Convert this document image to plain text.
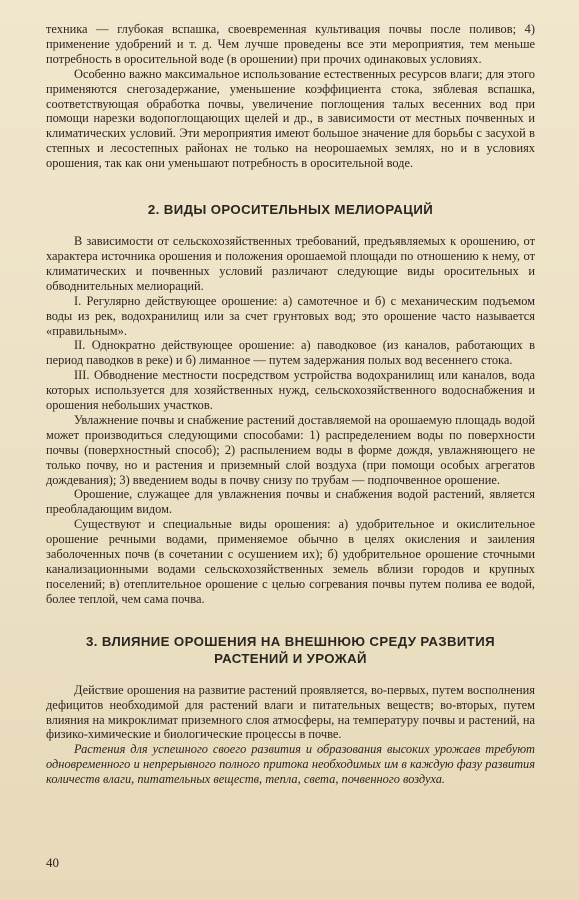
техника — глубокая вспашка, своевременная культивация почвы после поливов; 4) применение удобрений и т. д. Чем лучше проведены все эти мероприятия, тем меньше потребность в оросительной воде (в орошении) при прочих одинаковых условиях.

Особенно важно максимальное использование естественных ресурсов влаги; для этого применяются снегозадержание, уменьшение коэффициента стока, зяблевая вспашка, соответствующая обработка почвы, увеличение поглощения талых весенних вод при помощи нарезки водопоглощающих щелей и др., в зависимости от местных почвенных и климатических условий. Эти мероприятия имеют большое значение для борьбы с засухой в степных и лесостепных районах не только на неорошаемых землях, но и в условиях орошения, так как они уменьшают потребность в оросительной воде.

2. ВИДЫ ОРОСИТЕЛЬНЫХ МЕЛИОРАЦИЙ

В зависимости от сельскохозяйственных требований, предъявляемых к орошению, от характера источника орошения и положения орошаемой площади по отношению к нему, от климатических и почвенных условий различают следующие виды оросительных и обводнительных мелиораций.

I. Регулярно действующее орошение: а) самотечное и б) с механическим подъемом воды из рек, водохранилищ или за счет грунтовых вод; это орошение часто называется «правильным».

II. Однократно действующее орошение: а) паводковое (из каналов, работающих в период паводков в реке) и б) лиманное — путем задержания полых вод весеннего стока.

III. Обводнение местности посредством устройства водохранилищ или каналов, вода которых используется для хозяйственных нужд, сельскохозяйственного водоснабжения и орошения небольших участков.

Увлажнение почвы и снабжение растений доставляемой на орошаемую площадь водой может производиться следующими способами: 1) распределением воды по поверхности почвы (поверхностный способ); 2) распылением воды в форме дождя, увлажняющего не только почву, но и растения и приземный слой воздуха (при помощи особых агрегатов дождевания); 3) введением воды в почву снизу по трубам — подпочвенное орошение.

Орошение, служащее для увлажнения почвы и снабжения водой растений, является преобладающим видом.

Существуют и специальные виды орошения: а) удобрительное и окислительное орошение речными водами, применяемое обычно в целях окисления и заиления заболоченных почв (в сочетании с осушением их); б) удобрительное орошение сточными канализационными водами сельскохозяйственных земель вблизи городов и крупных поселений; в) отеплительное орошение с целью согревания почвы путем полива ее водой, более теплой, чем сама почва.

3. ВЛИЯНИЕ ОРОШЕНИЯ НА ВНЕШНЮЮ СРЕДУ РАЗВИТИЯ
РАСТЕНИЙ И УРОЖАЙ

Действие орошения на развитие растений проявляется, во-первых, путем восполнения дефицитов необходимой для растений влаги и питательных веществ; во-вторых, путем влияния на микроклимат приземного слоя атмосферы, на температуру почвы и растений, на физико-химические и биологические процессы в почве.

Растения для успешного своего развития и образования высоких урожаев требуют одновременного и непрерывного полного притока необходимых им в каждую фазу развития количеств влаги, питательных веществ, тепла, света, почвенного воздуха.

40
